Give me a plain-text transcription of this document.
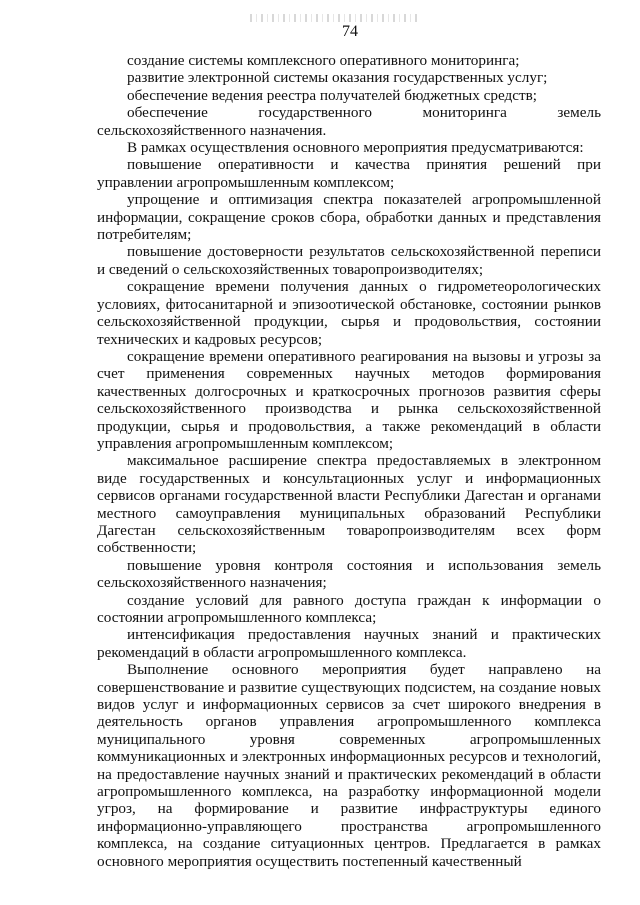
74

создание системы комплексного оперативного мониторинга;

развитие электронной системы оказания государственных услуг;

обеспечение ведения реестра получателей бюджетных средств;

обеспечение государственного мониторинга земель сельскохозяйственного назначения.

В рамках осуществления основного мероприятия предусматриваются:

повышение оперативности и качества принятия решений при управлении агропромышленным комплексом;

упрощение и оптимизация спектра показателей агропромышленной информации, сокращение сроков сбора, обработки данных и представления потребителям;

повышение достоверности результатов сельскохозяйственной переписи и сведений о сельскохозяйственных товаропроизводителях;

сокращение времени получения данных о гидрометеорологических условиях, фитосанитарной и эпизоотической обстановке, состоянии рынков сельскохозяйственной продукции, сырья и продовольствия, состоянии технических и кадровых ресурсов;

сокращение времени оперативного реагирования на вызовы и угрозы за счет применения современных научных методов формирования качественных долгосрочных и краткосрочных прогнозов развития сферы сельскохозяйственного производства и рынка сельскохозяйственной продукции, сырья и продовольствия, а также рекомендаций в области управления агропромышленным комплексом;

максимальное расширение спектра предоставляемых в электронном виде государственных и консультационных услуг и информационных сервисов органами государственной власти Республики Дагестан и органами местного самоуправления муниципальных образований Республики Дагестан сельскохозяйственным товаропроизводителям всех форм собственности;

повышение уровня контроля состояния и использования земель сельскохозяйственного назначения;

создание условий для равного доступа граждан к информации о состоянии агропромышленного комплекса;

интенсификация предоставления научных знаний и практических рекомендаций в области агропромышленного комплекса.

Выполнение основного мероприятия будет направлено на совершенствование и развитие существующих подсистем, на создание новых видов услуг и информационных сервисов за счет широкого внедрения в деятельность органов управления агропромышленного комплекса муниципального уровня современных агропромышленных коммуникационных и электронных информационных ресурсов и технологий, на предоставление научных знаний и практических рекомендаций в области агропромышленного комплекса, на разработку информационной модели угроз, на формирование и развитие инфраструктуры единого информационно-управляющего пространства агропромышленного комплекса, на создание ситуационных центров. Предлагается в рамках основного мероприятия осуществить постепенный качественный
